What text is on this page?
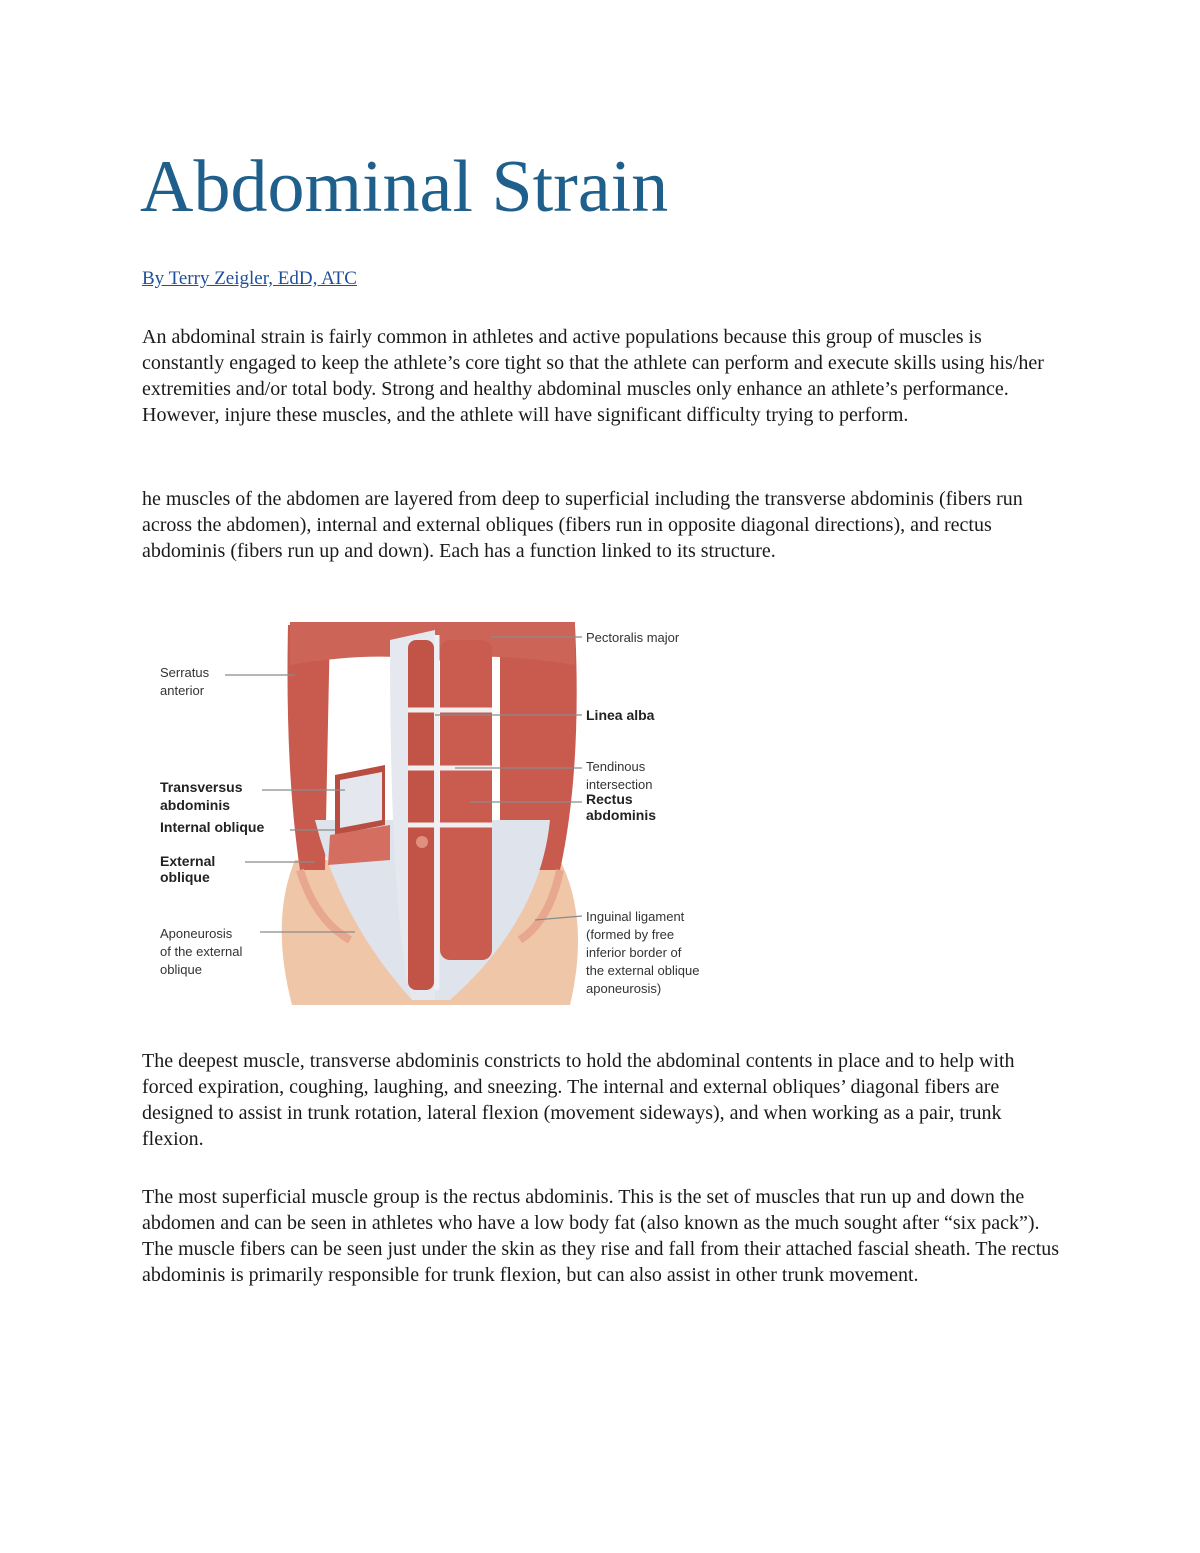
Abdominal Strain
By Terry Zeigler, EdD, ATC

An abdominal strain is fairly common in athletes and active populations because this group of muscles is constantly engaged to keep the athlete’s core tight so that the athlete can perform and execute skills using his/her extremities and/or total body. Strong and healthy abdominal muscles only enhance an athlete’s performance. However, injure these muscles, and the athlete will have significant difficulty trying to perform.

he muscles of the abdomen are layered from deep to superficial including the transverse abdominis (fibers run across the abdomen), internal and external obliques (fibers run in opposite diagonal directions), and rectus abdominis (fibers run up and down). Each has a function linked to its structure.

Serratus
anterior
Transversus
abdominis
Internal oblique
External
oblique
Aponeurosis
of the external
oblique
Pectoralis major
Linea alba
Tendinous
intersection
Rectus
abdominis
Inguinal ligament
(formed by free
inferior border of
the external oblique
aponeurosis)

The deepest muscle, transverse abdominis constricts to hold the abdominal contents in place and to help with forced expiration, coughing, laughing, and sneezing. The internal and external obliques’ diagonal fibers are designed to assist in trunk rotation, lateral flexion (movement sideways), and when working as a pair, trunk flexion.

The most superficial muscle group is the rectus abdominis. This is the set of muscles that run up and down the abdomen and can be seen in athletes who have a low body fat (also known as the much sought after “six pack”). The muscle fibers can be seen just under the skin as they rise and fall from their attached fascial sheath. The rectus abdominis is primarily responsible for trunk flexion, but can also assist in other trunk movement.
